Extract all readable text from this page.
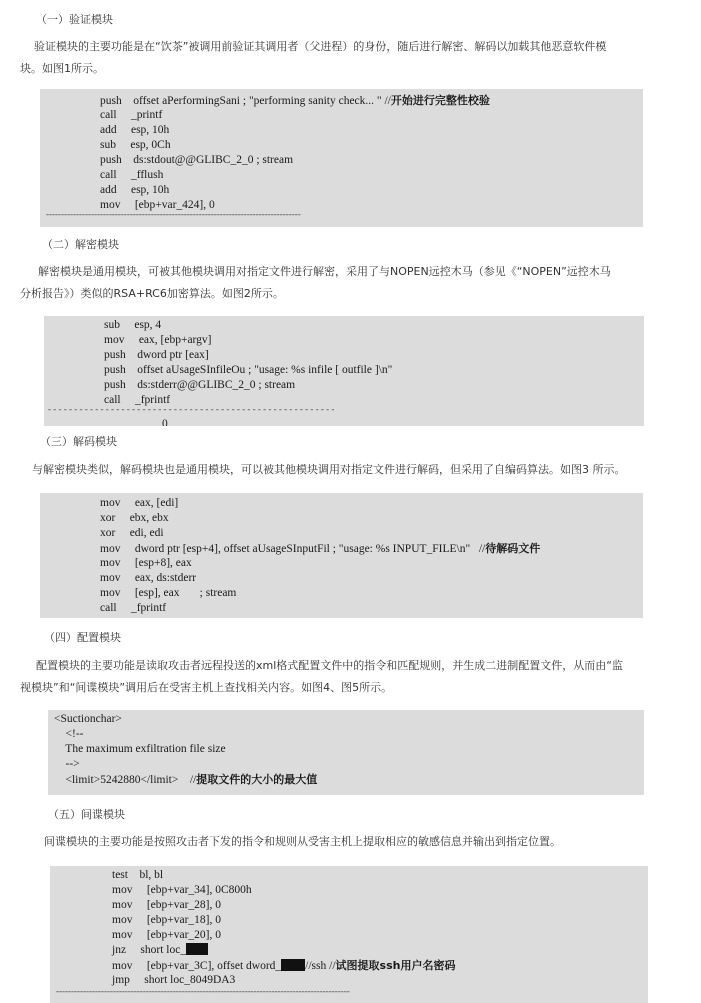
（一）验证模块
验证模块的主要功能是在“饮茶”被调用前验证其调用者（父进程）的身份，随后进行解密、解码以加载其他恶意软件模
块。如图1所示。
push    offset aPerformingSani ; "performing sanity check... " //开始进行完整性校验
call     _printf
add     esp, 10h
sub     esp, 0Ch
push    ds:stdout@@GLIBC_2_0 ; stream
call     _fflush
add     esp, 10h
mov     [ebp+var_424], 0
-------------------------------------------------------------------------------------
（二）解密模块
解密模块是通用模块，可被其他模块调用对指定文件进行解密，采用了与NOPEN远控木马（参见《“NOPEN”远控木马
分析报告》）类似的RSA+RC6加密算法。如图2所示。
sub     esp, 4
mov     eax, [ebp+argv]
push    dword ptr [eax]
push    offset aUsageSInfileOu ; "usage: %s infile [ outfile ]\n"
push    ds:stderr@@GLIBC_2_0 ; stream
call     _fprintf
- - - - - - - - - - - - - - - - - - - - - - - - - - - - - - - - - - - - - - - - - - - - - - - - - - - - - - -
0
（三）解码模块
与解密模块类似，解码模块也是通用模块，可以被其他模块调用对指定文件进行解码，但采用了自编码算法。如图3 所示。
mov     eax, [edi]
xor     ebx, ebx
xor     edi, edi
mov     dword ptr [esp+4], offset aUsageSInputFil ; "usage: %s INPUT_FILE\n"   //待解码文件
mov     [esp+8], eax
mov     eax, ds:stderr
mov     [esp], eax       ; stream
call     _fprintf
（四）配置模块
配置模块的主要功能是读取攻击者远程投送的xml格式配置文件中的指令和匹配规则，并生成二进制配置文件，从而由“监
视模块”和“间谍模块”调用后在受害主机上查找相关内容。如图4、图5所示。
<Suctionchar>
<!--
The maximum exfiltration file size
-->
<limit>5242880</limit>    //提取文件的大小的最大值
（五）间谍模块
间谍模块的主要功能是按照攻击者下发的指令和规则从受害主机上提取相应的敏感信息并输出到指定位置。
test    bl, bl
mov     [ebp+var_34], 0C800h
mov     [ebp+var_28], 0
mov     [ebp+var_18], 0
mov     [ebp+var_20], 0
jnz     short loc_
mov     [ebp+var_3C], offset dword_ //ssh //试图提取ssh用户名密码
jmp     short loc_8049DA3
--------------------------------------------------------------------------------------------------
